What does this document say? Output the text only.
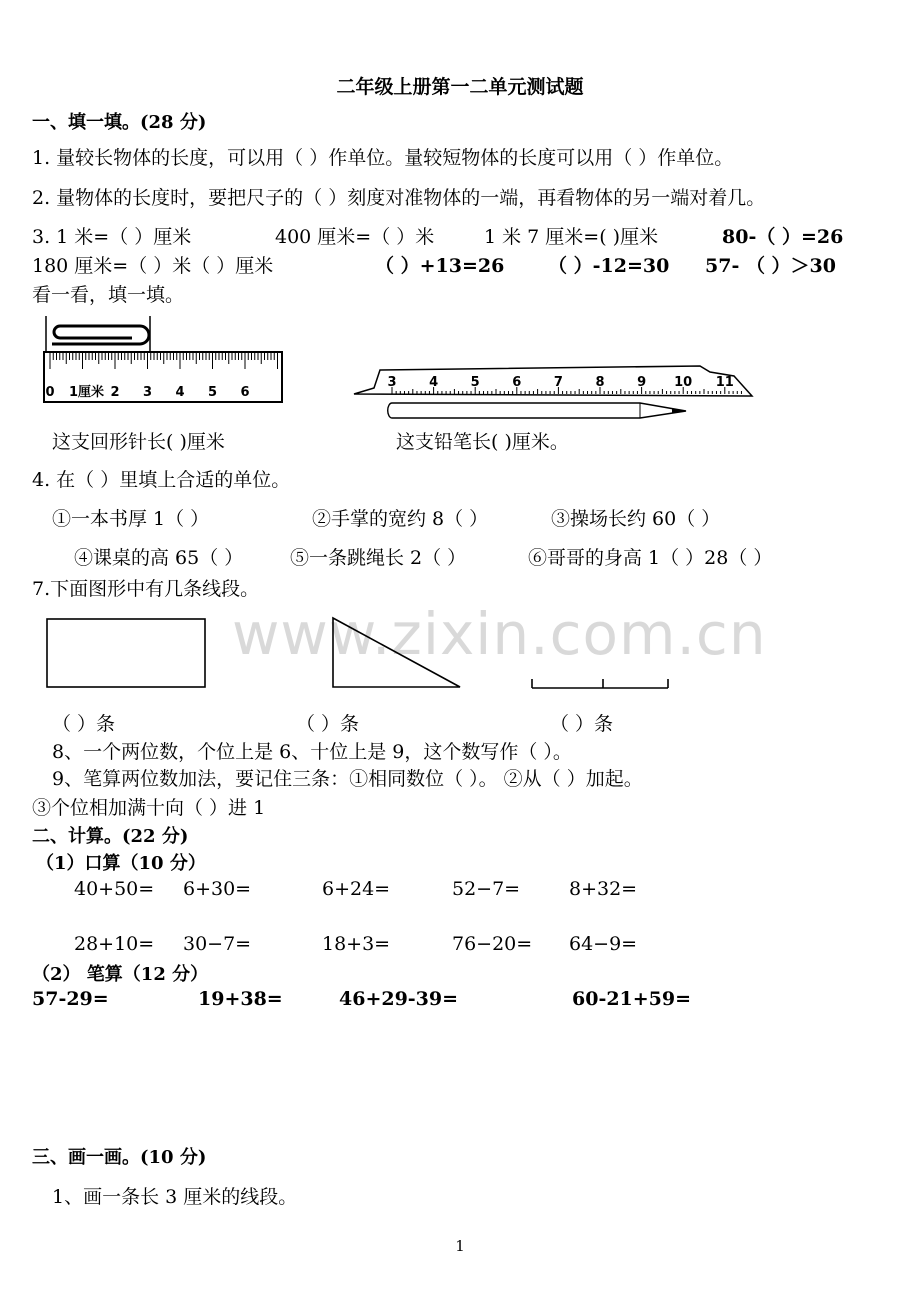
二年级上册第一二单元测试题
一、填一填。(28 分)
1. 量较长物体的长度，可以用（ ）作单位。量较短物体的长度可以用（ ）作单位。
2. 量物体的长度时，要把尺子的（ ）刻度对准物体的一端，再看物体的另一端对着几。
3. 1 米=（ ）厘米	400 厘米=（ ）米	1 米 7 厘米=( )厘米	80-（ ）=26
180 厘米=（ ）米（ ）厘米	（ ）+13=26 （ ）-12=30 57- （ ）＞30
看一看，填一填。
0 1厘米 2 3 4 5 6
3	4	5	6	7	8	9 10 11
这支回形针长( )厘米	这支铅笔长( )厘米。
4. 在（ ）里填上合适的单位。
①一本书厚 1（ ）	②手掌的宽约 8（ ）	③操场长约 60（ ）
④课桌的高 65（ ） ⑤一条跳绳长 2（ ）	⑥哥哥的身高 1（ ）28（ ）
7.下面图形中有几条线段。
www.zixin.com.cn
（ ）条	（ ）条	（ ）条
8、一个两位数，个位上是 6、十位上是 9，这个数写作（ ）。
9、笔算两位数加法，要记住三条：①相同数位（ ）。 ②从（ ）加起。
③个位相加满十向（ ）进 1
二、计算。(22 分)
（1）口算（10 分）
40+50= 6+30=	6+24=	52−7=	8+32=
28+10= 30−7=	18+3=	76−20= 64−9=
（2） 笔算（12 分）
57-29=	19+38=	46+29-39=	60-21+59=
三、画一画。(10 分)
1、画一条长 3 厘米的线段。
1
